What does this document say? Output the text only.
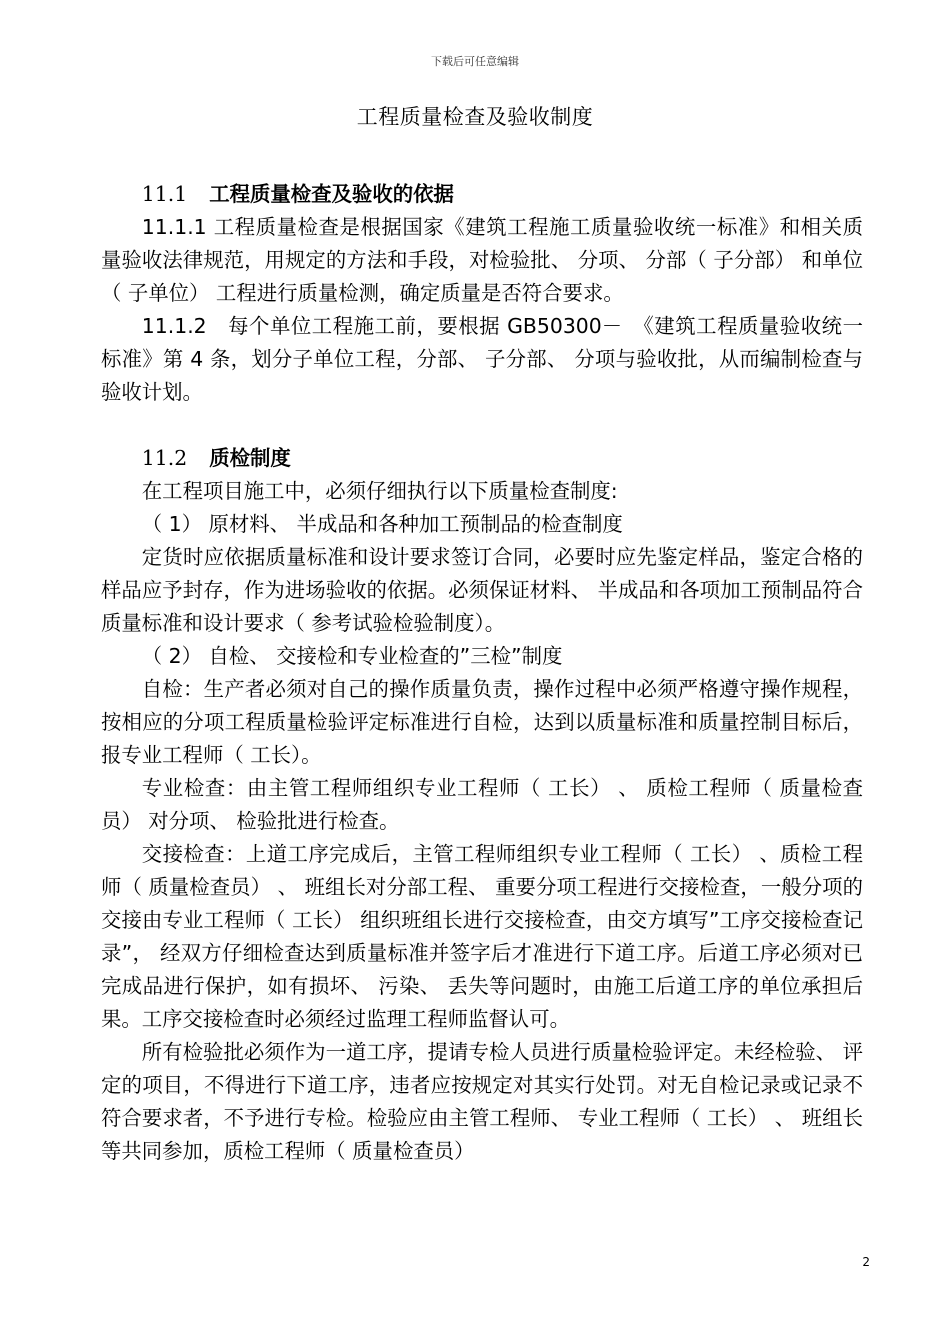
下载后可任意编辑
工程质量检查及验收制度

11.1 工程质量检查及验收的依据

11.1.1 工程质量检查是根据国家《建筑工程施工质量验收统一标准》和相关质量验收法律规范，用规定的方法和手段，对检验批、 分项、 分部（ 子分部） 和单位（ 子单位） 工程进行质量检测，确定质量是否符合要求。

11.1.2　每个单位工程施工前，要根据 GB50300－　《建筑工程质量验收统一标准》第 4 条，划分子单位工程，分部、 子分部、 分项与验收批，从而编制检查与验收计划。

11.2 质检制度

在工程项目施工中，必须仔细执行以下质量检查制度:

（ 1） 原材料、 半成品和各种加工预制品的检查制度

定货时应依据质量标准和设计要求签订合同，必要时应先鉴定样品，鉴定合格的样品应予封存，作为进场验收的依据。必须保证材料、 半成品和各项加工预制品符合质量标准和设计要求（ 参考试验检验制度）。

（ 2） 自检、 交接检和专业检查的”三检”制度

自检：生产者必须对自己的操作质量负责，操作过程中必须严格遵守操作规程，按相应的分项工程质量检验评定标准进行自检，达到以质量标准和质量控制目标后，报专业工程师（ 工长）。

专业检查：由主管工程师组织专业工程师（ 工长） 、 质检工程师（ 质量检查员） 对分项、 检验批进行检查。

交接检查：上道工序完成后，主管工程师组织专业工程师（ 工长） 、质检工程师（ 质量检查员） 、 班组长对分部工程、 重要分项工程进行交接检查，一般分项的交接由专业工程师（ 工长） 组织班组长进行交接检查，由交方填写”工序交接检查记录”， 经双方仔细检查达到质量标准并签字后才准进行下道工序。后道工序必须对已完成品进行保护，如有损坏、 污染、 丢失等问题时，由施工后道工序的单位承担后果。工序交接检查时必须经过监理工程师监督认可。

所有检验批必须作为一道工序，提请专检人员进行质量检验评定。未经检验、 评定的项目，不得进行下道工序，违者应按规定对其实行处罚。对无自检记录或记录不符合要求者，不予进行专检。检验应由主管工程师、 专业工程师（ 工长） 、 班组长等共同参加，质检工程师（ 质量检查员）

2
